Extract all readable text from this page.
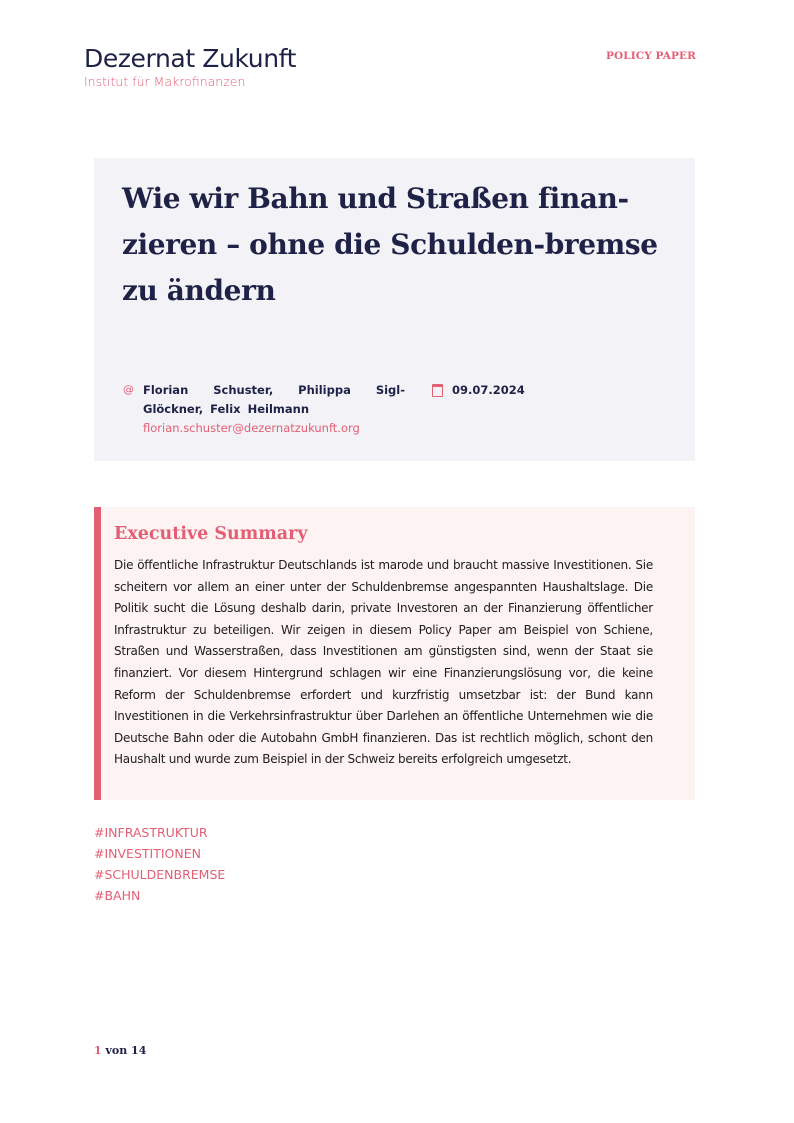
Dezernat Zukunft
Institut für Makrofinanzen
POLICY PAPER
Wie wir Bahn und Straßen finan-zieren – ohne die Schulden-bremse zu ändern
@ Florian Schuster, Philippa Sigl-Glöckner, Felix Heilmann
florian.schuster@dezernatzukunft.org
09.07.2024
Executive Summary

Die öffentliche Infrastruktur Deutschlands ist marode und braucht massive Investitionen. Sie scheitern vor allem an einer unter der Schuldenbremse angespannten Haushaltslage. Die Politik sucht die Lösung deshalb darin, private Investoren an der Finanzierung öffentlicher Infrastruktur zu beteiligen. Wir zeigen in diesem Policy Paper am Beispiel von Schiene, Straßen und Wasserstraßen, dass Investitionen am günstigsten sind, wenn der Staat sie finanziert. Vor diesem Hintergrund schlagen wir eine Finanzierungslösung vor, die keine Reform der Schuldenbremse erfordert und kurzfristig umsetzbar ist: der Bund kann Investitionen in die Verkehrsinfrastruktur über Darlehen an öffentliche Unternehmen wie die Deutsche Bahn oder die Autobahn GmbH finanzieren. Das ist rechtlich möglich, schont den Haushalt und wurde zum Beispiel in der Schweiz bereits erfolgreich umgesetzt.

#INFRASTRUKTUR
#INVESTITIONEN
#SCHULDENBREMSE
#BAHN
1 von 14
